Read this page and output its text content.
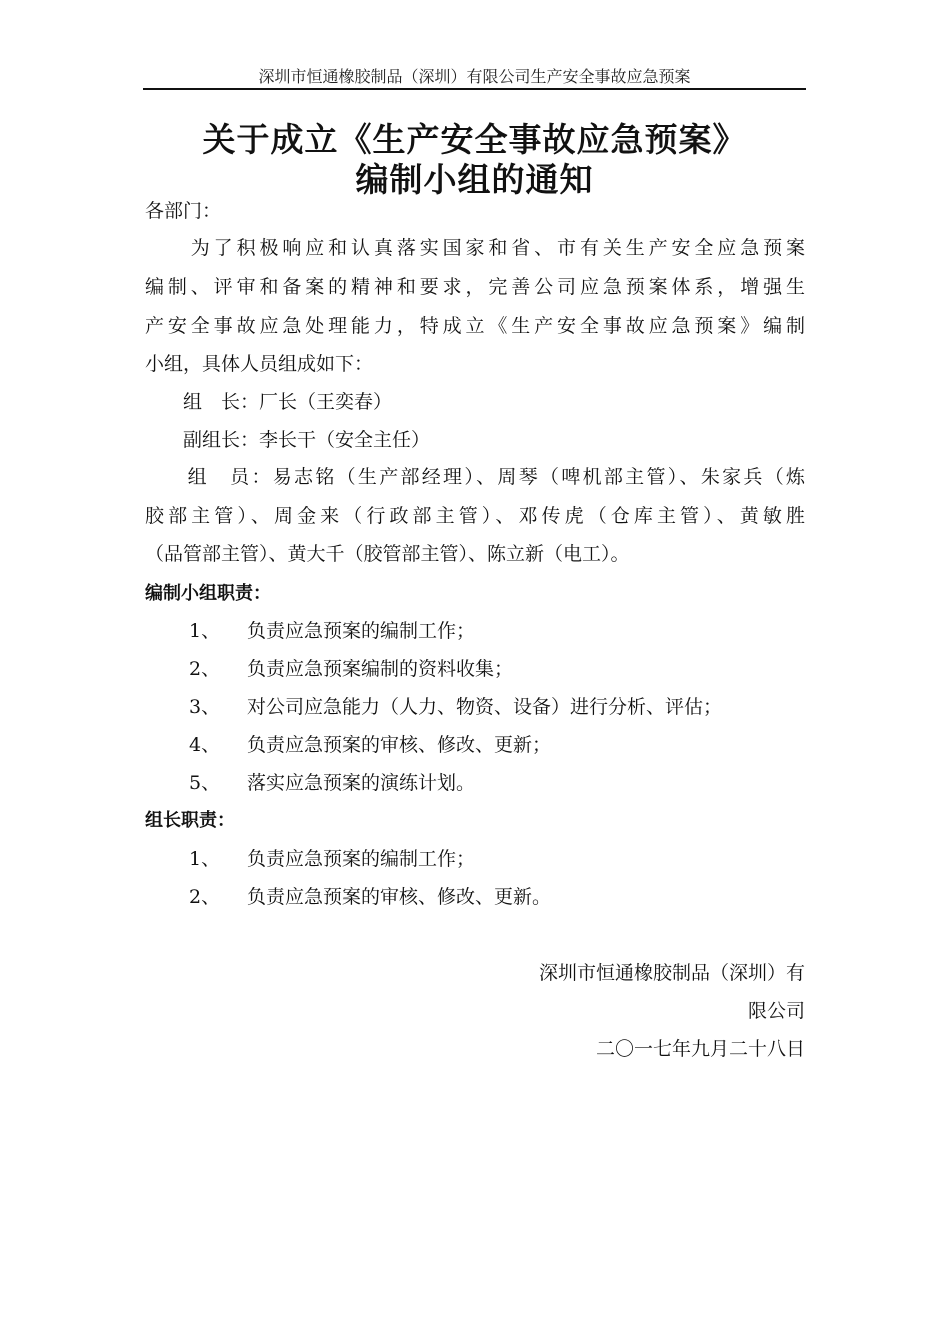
深圳市恒通橡胶制品（深圳）有限公司生产安全事故应急预案
关于成立《生产安全事故应急预案》
编制小组的通知
各部门：
　　为了积极响应和认真落实国家和省、市有关生产安全应急预案
编制、评审和备案的精神和要求，完善公司应急预案体系，增强生
产安全事故应急处理能力，特成立《生产安全事故应急预案》编制
小组，具体人员组成如下：
　　组　长：厂长（王奕春）
　　副组长：李长干（安全主任）
　　组　员：易志铭（生产部经理）、周琴（啤机部主管）、朱家兵（炼
胶部主管）、周金来（行政部主管）、邓传虎（仓库主管）、黄敏胜
（品管部主管）、黄大千（胶管部主管）、陈立新（电工）。
编制小组职责：
1、 负责应急预案的编制工作；
2、 负责应急预案编制的资料收集；
3、 对公司应急能力（人力、物资、设备）进行分析、评估；
4、 负责应急预案的审核、修改、更新；
5、 落实应急预案的演练计划。
组长职责：
1、 负责应急预案的编制工作；
2、 负责应急预案的审核、修改、更新。
深圳市恒通橡胶制品（深圳）有
限公司
二〇一七年九月二十八日
